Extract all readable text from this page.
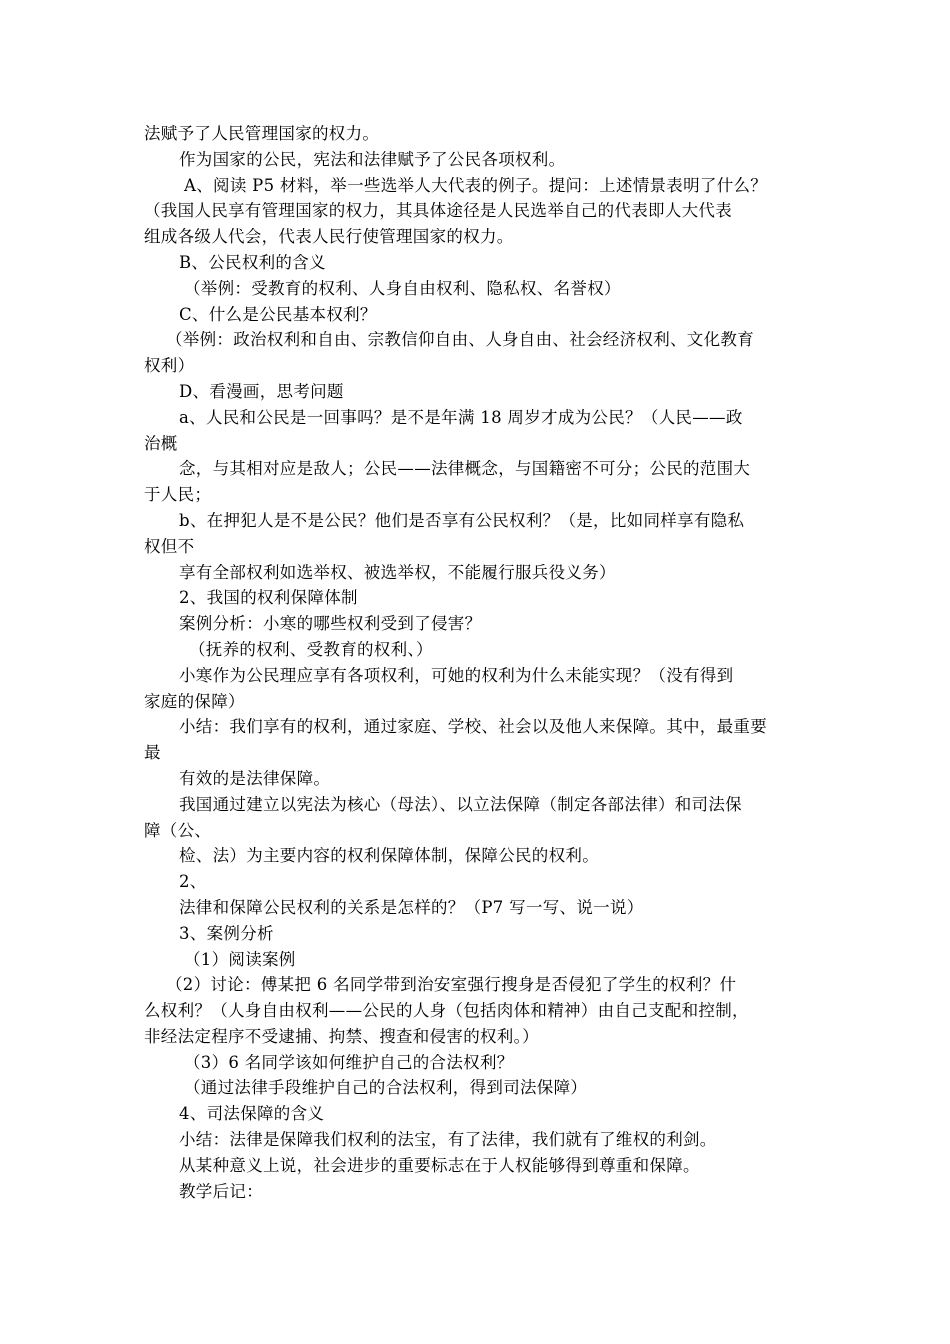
法赋予了人民管理国家的权力。
作为国家的公民，宪法和法律赋予了公民各项权利。
A、阅读 P5 材料，举一些选举人大代表的例子。提问：上述情景表明了什么？
（我国人民享有管理国家的权力，其具体途径是人民选举自己的代表即人大代表
组成各级人代会，代表人民行使管理国家的权力。
B、公民权利的含义
（举例：受教育的权利、人身自由权利、隐私权、名誉权）
C、什么是公民基本权利？
（举例：政治权利和自由、宗教信仰自由、人身自由、社会经济权利、文化教育
权利）
D、看漫画，思考问题
a、人民和公民是一回事吗？是不是年满 18 周岁才成为公民？（人民——政
治概
念，与其相对应是敌人；公民——法律概念，与国籍密不可分；公民的范围大
于人民；
b、在押犯人是不是公民？他们是否享有公民权利？（是，比如同样享有隐私
权但不
享有全部权利如选举权、被选举权，不能履行服兵役义务）
2、我国的权利保障体制
案例分析：小寒的哪些权利受到了侵害？
（抚养的权利、受教育的权利、）
小寒作为公民理应享有各项权利，可她的权利为什么未能实现？（没有得到
家庭的保障）
小结：我们享有的权利，通过家庭、学校、社会以及他人来保障。其中，最重要
最
有效的是法律保障。
我国通过建立以宪法为核心（母法）、以立法保障（制定各部法律）和司法保
障（公、
检、法）为主要内容的权利保障体制，保障公民的权利。
2、
法律和保障公民权利的关系是怎样的？（P7 写一写、说一说）
3、案例分析
（1）阅读案例
（2）讨论：傅某把 6 名同学带到治安室强行搜身是否侵犯了学生的权利？什
么权利？（人身自由权利——公民的人身（包括肉体和精神）由自己支配和控制，
非经法定程序不受逮捕、拘禁、搜查和侵害的权利。）
（3）6 名同学该如何维护自己的合法权利？
（通过法律手段维护自己的合法权利，得到司法保障）
4、司法保障的含义
小结：法律是保障我们权利的法宝，有了法律，我们就有了维权的利剑。
从某种意义上说，社会进步的重要标志在于人权能够得到尊重和保障。
教学后记：
